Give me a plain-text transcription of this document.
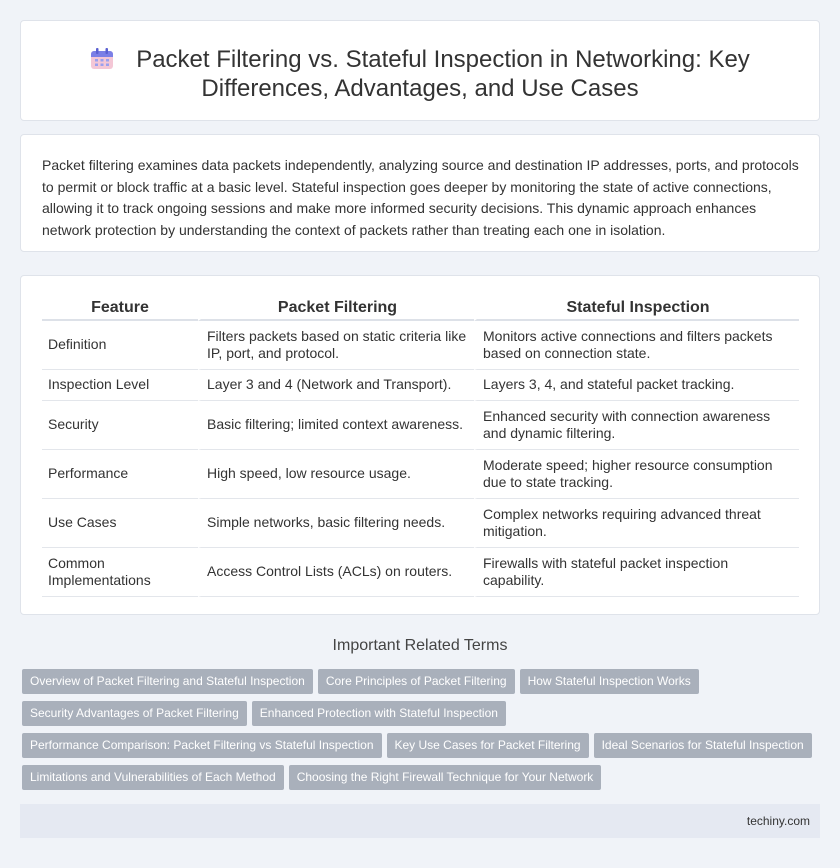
Packet Filtering vs. Stateful Inspection in Networking: Key Differences, Advantages, and Use Cases

Packet filtering examines data packets independently, analyzing source and destination IP addresses, ports, and protocols to permit or block traffic at a basic level. Stateful inspection goes deeper by monitoring the state of active connections, allowing it to track ongoing sessions and make more informed security decisions. This dynamic approach enhances network protection by understanding the context of packets rather than treating each one in isolation.

Feature	Packet Filtering	Stateful Inspection
Definition	Filters packets based on static criteria like IP, port, and protocol.	Monitors active connections and filters packets based on connection state.
Inspection Level	Layer 3 and 4 (Network and Transport).	Layers 3, 4, and stateful packet tracking.
Security	Basic filtering; limited context awareness.	Enhanced security with connection awareness and dynamic filtering.
Performance	High speed, low resource usage.	Moderate speed; higher resource consumption due to state tracking.
Use Cases	Simple networks, basic filtering needs.	Complex networks requiring advanced threat mitigation.
Common Implementations	Access Control Lists (ACLs) on routers.	Firewalls with stateful packet inspection capability.
Important Related Terms
Overview of Packet Filtering and Stateful Inspection Core Principles of Packet Filtering How Stateful Inspection Works
Security Advantages of Packet Filtering Enhanced Protection with Stateful Inspection
Performance Comparison: Packet Filtering vs Stateful Inspection Key Use Cases for Packet Filtering Ideal Scenarios for Stateful Inspection
Limitations and Vulnerabilities of Each Method Choosing the Right Firewall Technique for Your Network
techiny.com
